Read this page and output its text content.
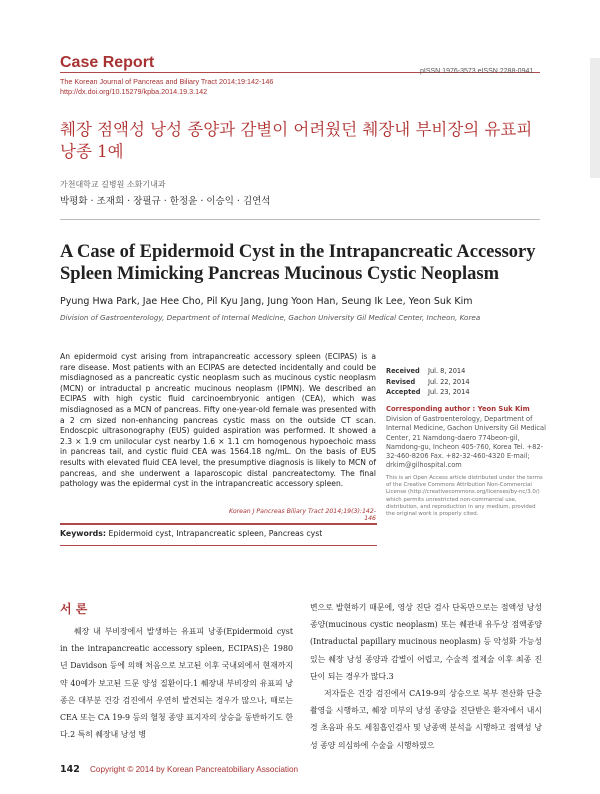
Case Report
The Korean Journal of Pancreas and Biliary Tract 2014;19:142-146
http://dx.doi.org/10.15279/kpba.2014.19.3.142
pISSN 1976-3573 eISSN 2288-0941
췌장 점액성 낭성 종양과 감별이 어려웠던 췌장내 부비장의 유표피 낭종 1예
가천대학교 길병원 소화기내과
박평화 · 조재희 · 장필규 · 한정윤 · 이승익 · 김연석
A Case of Epidermoid Cyst in the Intrapancreatic Accessory Spleen Mimicking Pancreas Mucinous Cystic Neoplasm
Pyung Hwa Park, Jae Hee Cho, Pil Kyu Jang, Jung Yoon Han, Seung Ik Lee, Yeon Suk Kim
Division of Gastroenterology, Department of Internal Medicine, Gachon University Gil Medical Center, Incheon, Korea
An epidermoid cyst arising from intrapancreatic accessory spleen (ECIPAS) is a rare disease. Most patients with an ECIPAS are detected incidentally and could be misdiagnosed as a pancreatic cystic neoplasm such as mucinous cystic neoplasm (MCN) or intraductal p ancreatic mucinous neoplasm (IPMN). We described an ECIPAS with high cystic fluid carcinoembryonic antigen (CEA), which was misdiagnosed as a MCN of pancreas. Fifty one-year-old female was presented with a 2 cm sized non-enhancing pancreas cystic mass on the outside CT scan. Endoscpic ultrasonography (EUS) guided aspiration was performed. It showed a 2.3 × 1.9 cm unilocular cyst nearby 1.6 × 1.1 cm homogenous hypoechoic mass in pancreas tail, and cystic fluid CEA was 1564.18 ng/mL. On the basis of EUS results with elevated fluid CEA level, the presumptive diagnosis is likely to MCN of pancreas, and she underwent a laparoscopic distal pancreatectomy. The final pathology was the epidermal cyst in the intrapancreatic accessory spleen.
Korean J Pancreas Biliary Tract 2014;19(3):142-146
Keywords: Epidermoid cyst, Intrapancreatic spleen, Pancreas cyst
Received Jul. 8, 2014
Revised Jul. 22, 2014
Accepted Jul. 23, 2014
Corresponding author : Yeon Suk Kim
Division of Gastroenterology, Department of Internal Medicine, Gachon University Gil Medical Center, 21 Namdong-daero 774beon-gil, Namdong-gu, Incheon 405-760, Korea Tel. +82-32-460-8206 Fax. +82-32-460-4320 E-mail; drkim@gilhospital.com
This is an Open Access article distributed under the terms of the Creative Commons Attribution Non-Commercial License (http://creativecommons.org/licenses/by-nc/3.0/) which permits unrestricted non-commercial use, distribution, and reproduction in any medium, provided the original work is properly cited.
서 론
췌장 내 부비장에서 발생하는 유표피 낭종(Epidermoid cyst in the intrapancreatic accessory spleen, ECIPAS)은 1980년 Davidson 등에 의해 처음으로 보고된 이후 국내외에서 현재까지 약 40예가 보고된 드문 양성 질환이다.1 췌장내 부비장의 유표피 낭종은 대부분 건강 검진에서 우연히 발견되는 경우가 많으나, 때로는 CEA 또는 CA 19-9 등의 혈청 종양 표지자의 상승을 동반하기도 한다.2 특히 췌장내 낭성 병

변으로 발현하기 때문에, 영상 진단 검사 단독만으로는 점액성 낭성 종양(mucinous cystic neoplasm) 또는 췌관내 유두상 점액종양(Intraductal papillary mucinous neoplasm) 등 악성화 가능성 있는 췌장 낭성 종양과 감별이 어렵고, 수술적 절제술 이후 최종 진단이 되는 경우가 많다.3

저자들은 건강 검진에서 CA19-9의 상승으로 복부 전산화 단층 촬영을 시행하고, 췌장 미부의 낭성 종양을 진단받은 환자에서 내시경 초음파 유도 세침흡인검사 및 낭종액 분석을 시행하고 점액성 낭성 종양 의심하에 수술을 시행하였으

142 Copyright © 2014 by Korean Pancreatobiliary Association
